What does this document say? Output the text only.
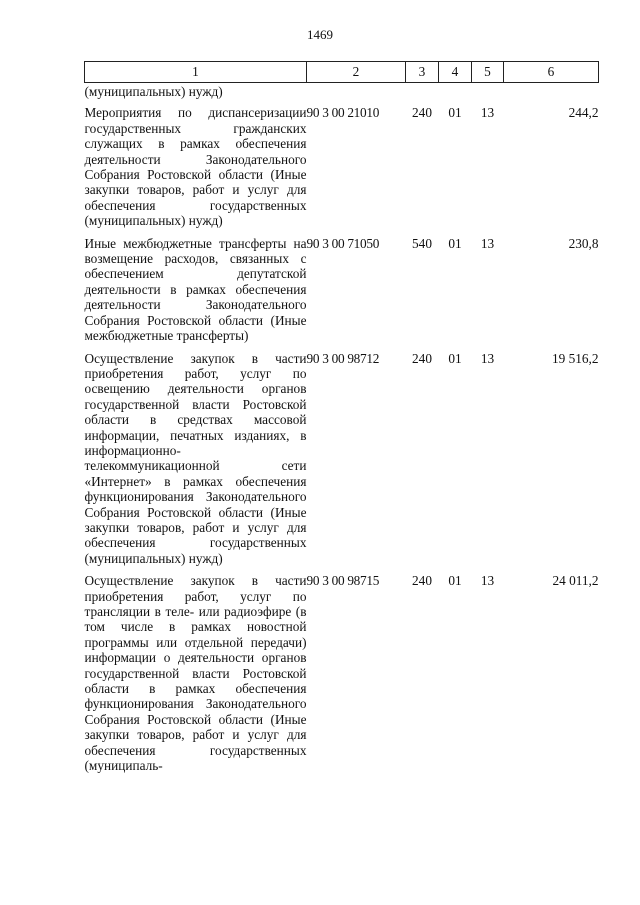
1469
1	2	3	4	5	6
(муниципальных) нужд)					
Мероприятия по диспансеризации государственных гражданских служащих в рамках обеспечения деятельности Законодательного Собрания Ростовской области (Иные закупки товаров, работ и услуг для обеспечения государственных (муниципальных) нужд)	90 3 00 21010	240	01	13	244,2
Иные межбюджетные трансферты на возмещение расходов, связанных с обеспечением депутатской деятельности в рамках обеспечения деятельности Законодательного Собрания Ростовской области (Иные межбюджетные трансферты)	90 3 00 71050	540	01	13	230,8
Осуществление закупок в части приобретения работ, услуг по освещению деятельности органов государственной власти Ростовской области в средствах массовой информации, печатных изданиях, в информационно-телекоммуникационной сети «Интернет» в рамках обеспечения функционирования Законодательного Собрания Ростовской области (Иные закупки товаров, работ и услуг для обеспечения государственных (муниципальных) нужд)	90 3 00 98712	240	01	13	19 516,2
Осуществление закупок в части приобретения работ, услуг по трансляции в теле- или радиоэфире (в том числе в рамках новостной программы или отдельной передачи) информации о деятельности органов государственной власти Ростовской области в рамках обеспечения функционирования Законодательного Собрания Ростовской области (Иные закупки товаров, работ и услуг для обеспечения государственных (муниципаль-	90 3 00 98715	240	01	13	24 011,2
